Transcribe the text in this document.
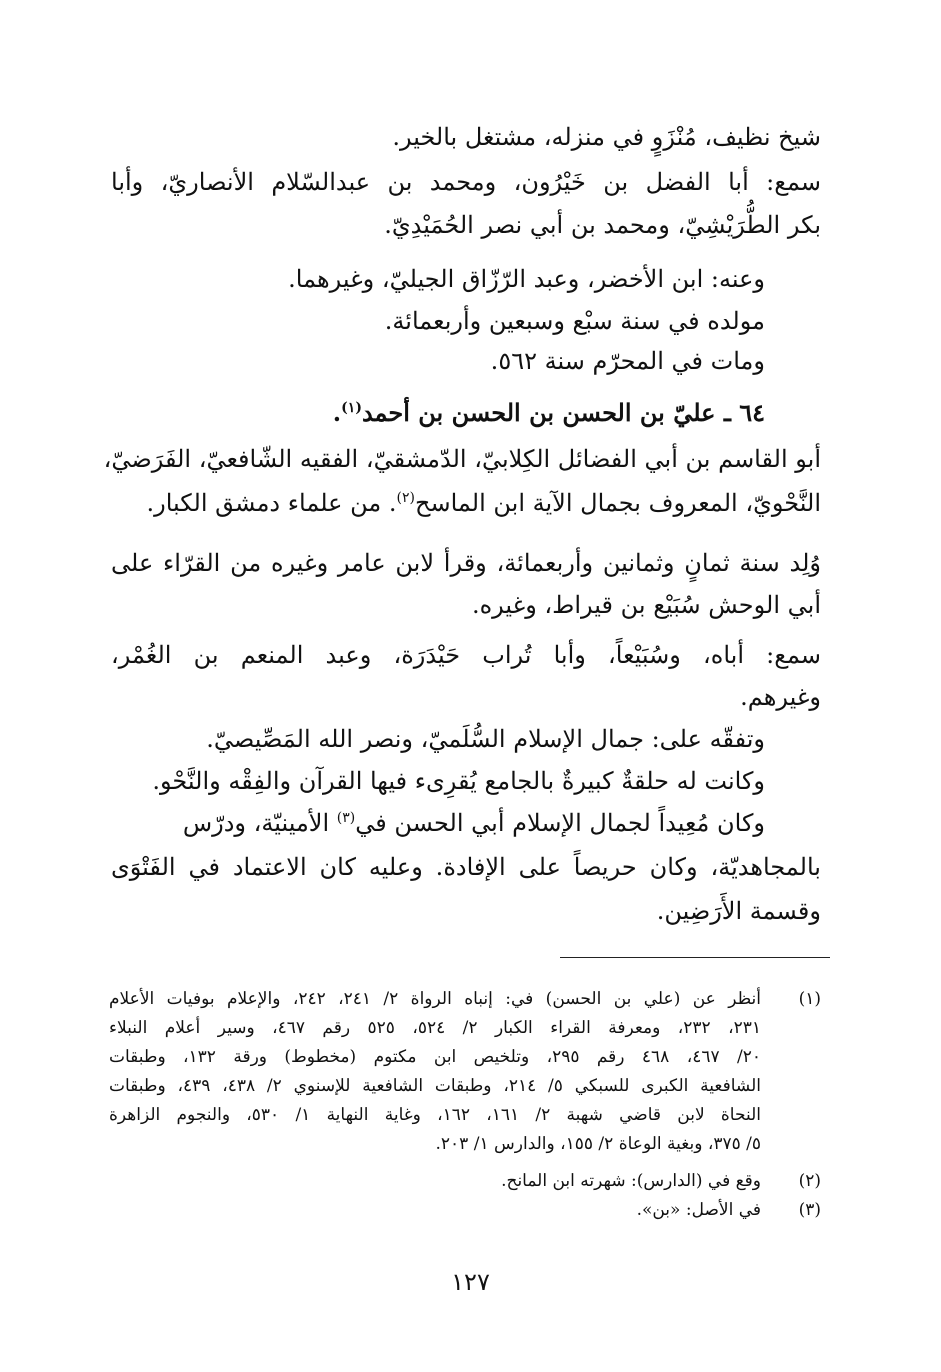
شيخ نظيف، مُنْزَوٍ في منزله، مشتغل بالخير.
سمع: أبا الفضل بن خَيْرُون، ومحمد بن عبدالسّلام الأنصاريّ، وأبا
بكر الطُّرَيْشِيّ، ومحمد بن أبي نصر الحُمَيْدِيّ.
وعنه: ابن الأخضر، وعبد الرّزّاق الجيليّ، وغيرهما.
مولده في سنة سبْع وسبعين وأربعمائة.
ومات في المحرّم سنة ٥٦٢.
٦٤ ـ عليّ بن الحسن بن الحسن بن أحمد$^{(١)}$.
أبو القاسم بن أبي الفضائل الكِلابيّ، الدّمشقيّ، الفقيه الشّافعيّ، الفَرَضيّ،
النَّحْويّ، المعروف بجمال الآية ابن الماسح$^{(٢)}$. من علماء دمشق الكبار.
وُلِد سنة ثمانٍ وثمانين وأربعمائة، وقرأ لابن عامر وغيره من القرّاء على
أبي الوحش سُبَيْع بن قيراط، وغيره.
سمع: أباه، وسُبَيْعاً، وأبا تُراب حَيْدَرَة، وعبد المنعم بن الغُمْر،
وغيرهم.
وتفقّه على: جمال الإسلام السُّلَميّ، ونصر الله المَصِّيصيّ.
وكانت له حلقةٌ كبيرةٌ بالجامع يُقرِىء فيها القرآن والفِقْه والنَّحْو.
وكان مُعِيداً لجمال الإسلام أبي الحسن في$^{(٣)}$ الأمينيّة، ودرّس
بالمجاهديّة، وكان حريصاً على الإفادة. وعليه كان الاعتماد في الفَتْوَى
وقسمة الأَرَضِين.
(١)
أنظر عن (علي بن الحسن) في: إنباه الرواة ٢/ ٢٤١، ٢٤٢، والإعلام بوفيات الأعلام
٢٣١، ٢٣٢، ومعرفة القراء الكبار ٢/ ٥٢٤، ٥٢٥ رقم ٤٦٧، وسير أعلام النبلاء
٢٠/ ٤٦٧، ٤٦٨ رقم ٢٩٥، وتلخيص ابن مكتوم (مخطوط) ورقة ١٣٢، وطبقات
الشافعية الكبرى للسبكي ٥/ ٢١٤، وطبقات الشافعية للإسنوي ٢/ ٤٣٨، ٤٣٩، وطبقات
النحاة لابن قاضي شهبة ٢/ ١٦١، ١٦٢، وغاية النهاية ١/ ٥٣٠، والنجوم الزاهرة
٥/ ٣٧٥، وبغية الوعاة ٢/ ١٥٥، والدارس ١/ ٢٠٣.
(٢)
وقع في (الدارس): شهرته ابن المانح.
(٣)
في الأصل: «بن».
١٢٧
